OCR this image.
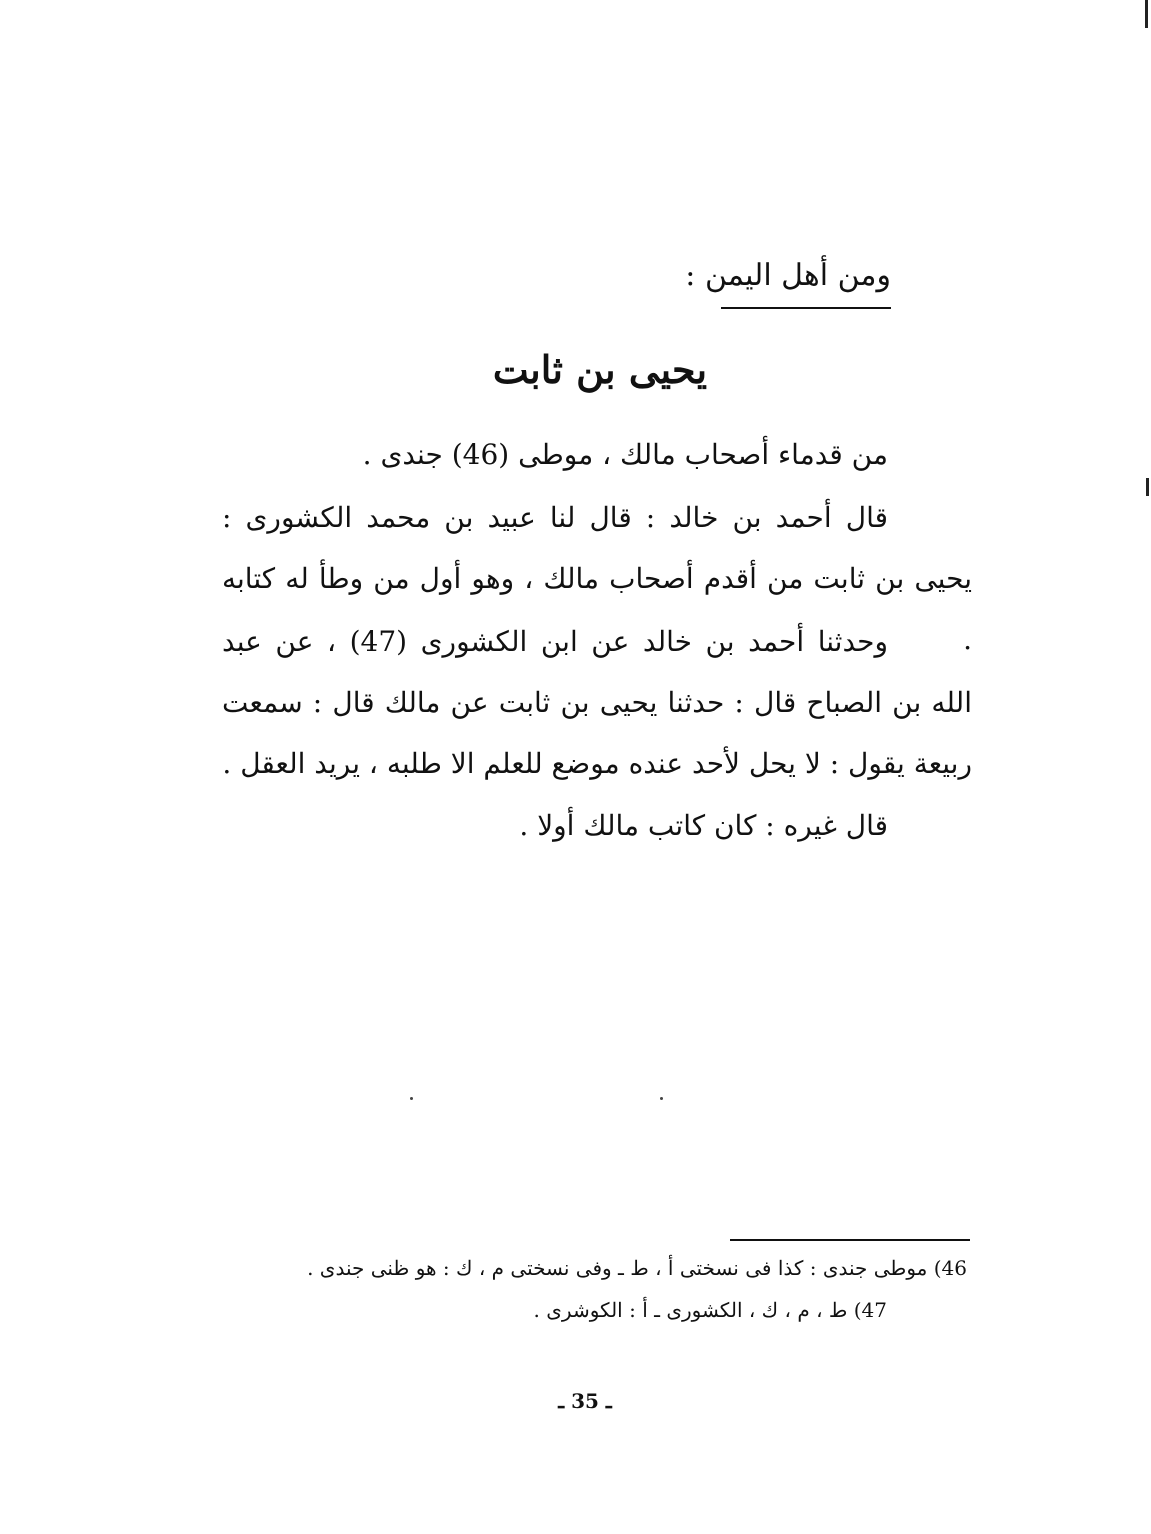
ومن أهل اليمن :
يحيى بن ثابت

من قدماء أصحاب مالك ، موطى (46) جندى .

قال أحمد بن خالد : قال لنا عبيد بن محمد الكشورى : يحيى بن ثابت من أقدم أصحاب مالك ، وهو أول من وطأ له كتابه .

وحدثنا أحمد بن خالد عن ابن الكشورى (47) ، عن عبد الله بن الصباح قال : حدثنا يحيى بن ثابت عن مالك قال : سمعت ربيعة يقول : لا يحل لأحد عنده موضع للعلم الا طلبه ، يريد العقل .

قال غيره : كان كاتب مالك أولا .

46) موطى جندى : كذا فى نسختى أ ، ط ـ وفى نسختى م ، ك : هو ظنى جندى .

47) ط ، م ، ك ، الكشورى ـ أ : الكوشرى .

ـ 35 ـ
